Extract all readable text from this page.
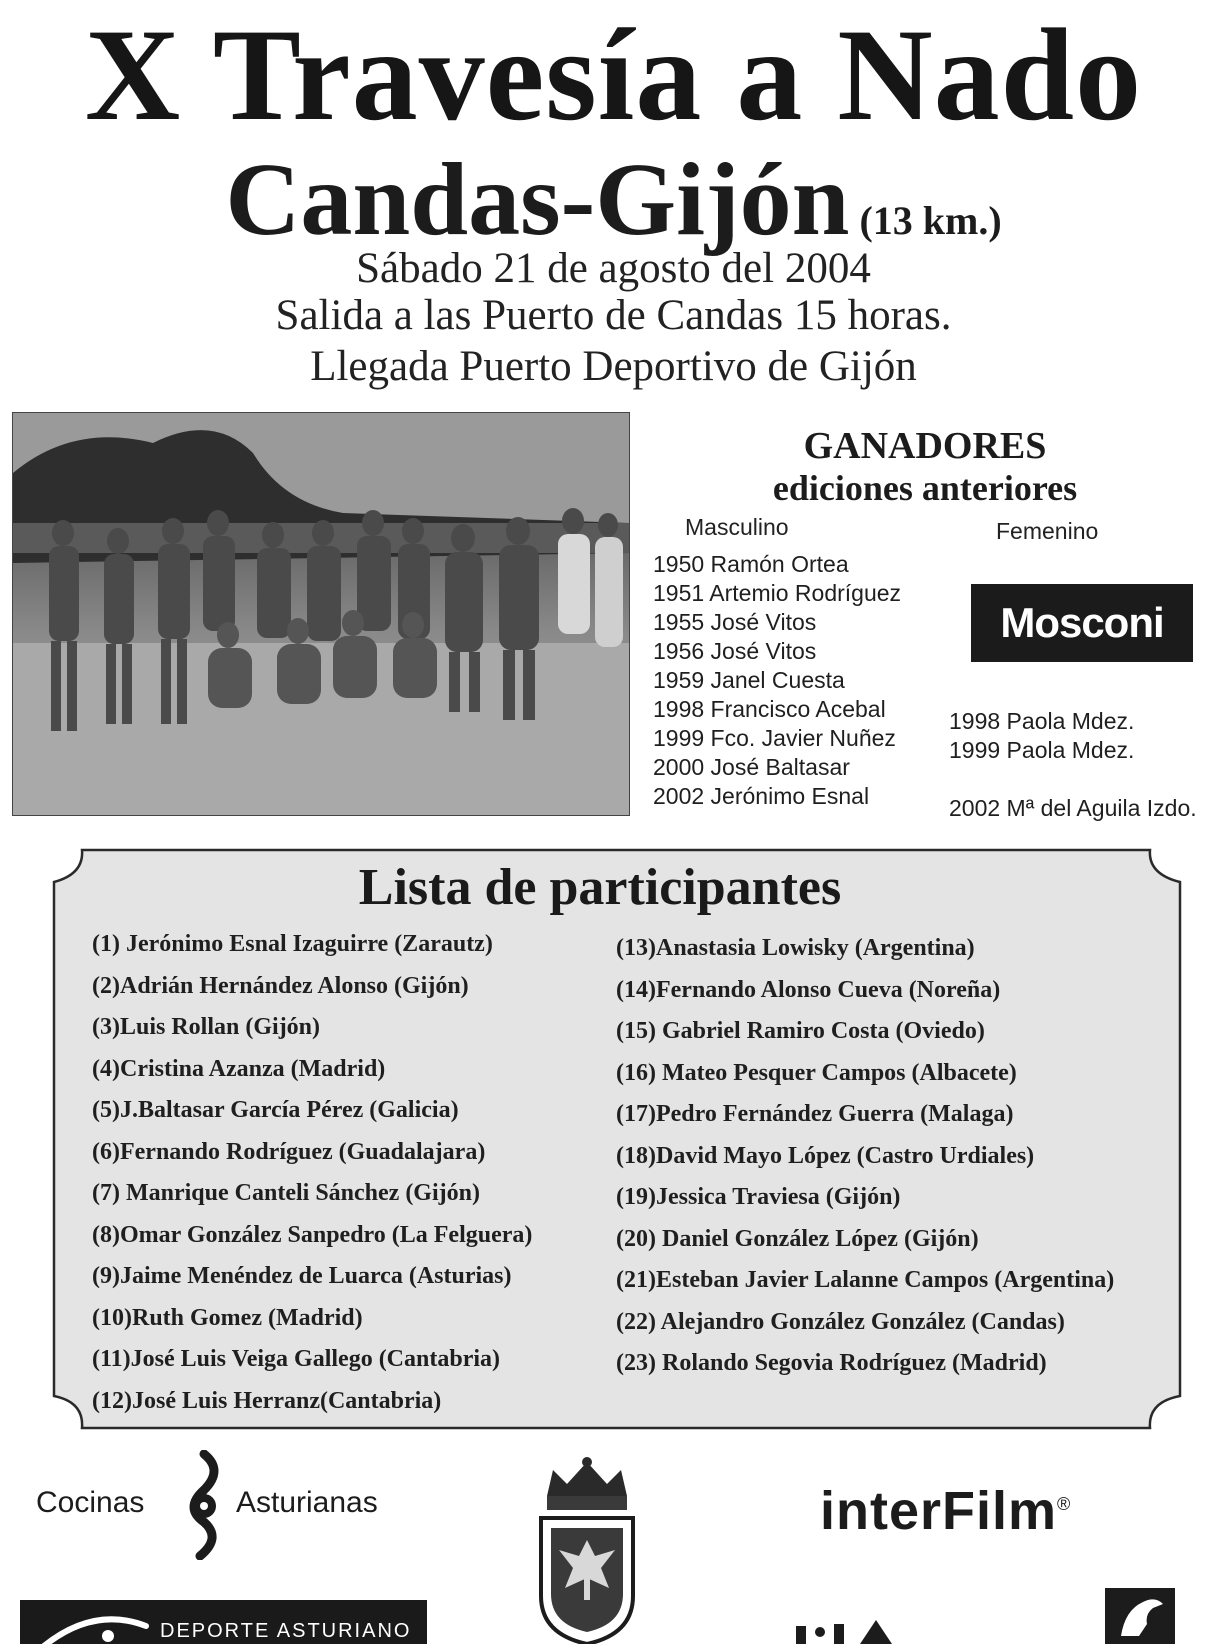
X Travesía a Nado
Candas-Gijón (13 km.)
Sábado 21 de agosto del 2004
Salida a las Puerto de Candas 15 horas.
Llegada Puerto Deportivo de Gijón
GANADORES
ediciones anteriores
Masculino	Femenino
1950 Ramón Ortea
1951 Artemio Rodríguez
1955 José Vitos
1956 José Vitos
1959 Janel Cuesta
1998 Francisco Acebal
1999 Fco. Javier Nuñez
2000 José Baltasar
2002 Jerónimo Esnal
Mosconi
1998 Paola Mdez.
1999 Paola Mdez.
2002 Mª del Aguila Izdo.
Lista de participantes
(1) Jerónimo Esnal Izaguirre (Zarautz)
(2)Adrián Hernández Alonso (Gijón)
(3)Luis Rollan (Gijón)
(4)Cristina Azanza (Madrid)
(5)J.Baltasar García Pérez (Galicia)
(6)Fernando Rodríguez (Guadalajara)
(7) Manrique Canteli Sánchez (Gijón)
(8)Omar González Sanpedro (La Felguera)
(9)Jaime Menéndez de Luarca (Asturias)
(10)Ruth Gomez (Madrid)
(11)José Luis Veiga Gallego (Cantabria)
(12)José Luis Herranz(Cantabria)
(13)Anastasia Lowisky (Argentina)
(14)Fernando Alonso Cueva (Noreña)
(15) Gabriel Ramiro Costa (Oviedo)
(16) Mateo Pesquer Campos (Albacete)
(17)Pedro Fernández Guerra (Malaga)
(18)David Mayo López (Castro Urdiales)
(19)Jessica Traviesa (Gijón)
(20) Daniel González López (Gijón)
(21)Esteban Javier Lalanne Campos (Argentina)
(22) Alejandro González González (Candas)
(23) Rolando Segovia Rodríguez (Madrid)
Cocinas	Asturianas	interFilm®
DEPORTE ASTURIANO
